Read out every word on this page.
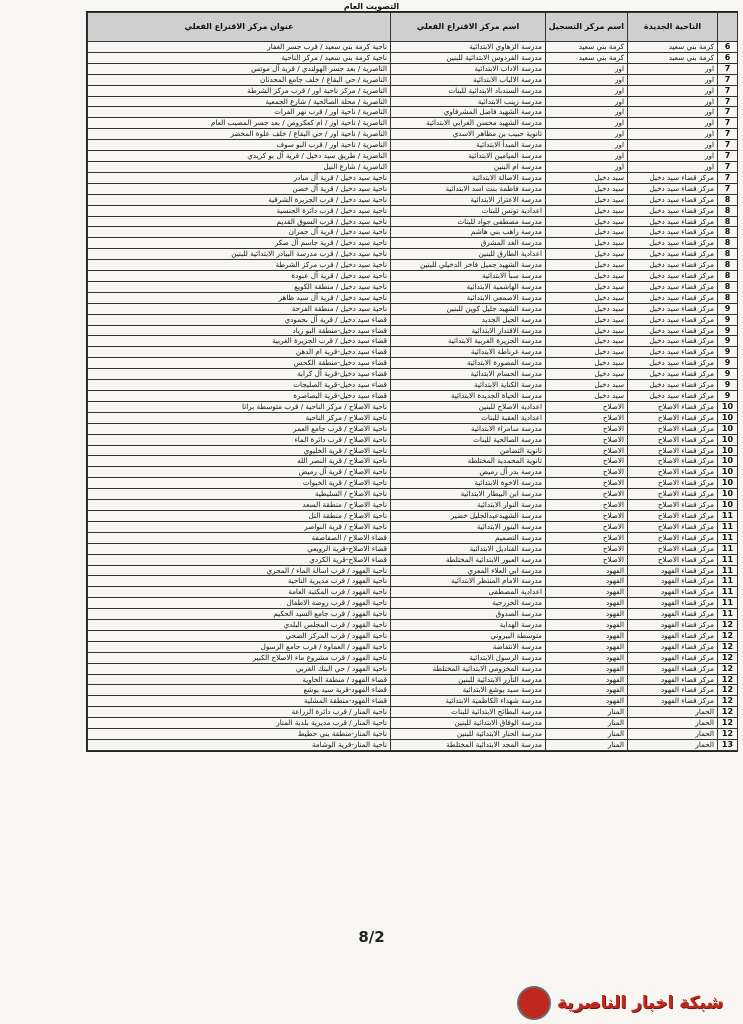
التصويت العام
	الناحية الجديدة	اسم مركز التسجيل	اسم مركز الاقتراع الفعلي	عنوان مركز الاقتراع الفعلي
6	كرمة بني سعيد	كرمة بني سعيد	مدرسة الزهاوي الابتدائية	ناحية كرمة بني سعيد / قرب جسر الغفار
6	كرمة بني سعيد	كرمة بني سعيد	مدرسة الفردوس الابتدائية للبنين	ناحية كرمة بني سعيد / مركز الناحية
7	اور	اور	مدرسة الاداب الابتدائية	الناصرية / بعد جسر الهولندي / قرية آل موتس
7	اور	اور	مدرسة الالباب الابتدائية	الناصرية / حي البقاع / خلف جامع المحدثان
7	اور	اور	مدرسة السندباد الابتدائية للبنات	الناصرية / مركز ناحية اور / قرب مركز الشرطة
7	اور	اور	مدرسة زينب الابتدائية	الناصرية / محلة الصالحية / شارع الجمعية
7	اور	اور	مدرسة الشهيد فاضل المشرفاوي	الناصرية / ناحية اور / قرب نهر الفرات
7	اور	اور	مدرسة الشهيد محسن الغرابي الابتدائية	الناصرية / ناحية اور / ام كعكروص / بعد جسر المصيب العام
7	اور	اور	ثانوية حبيب بن مظاهر الاسدي	الناصرية / ناحية اور / حي البقاع / خلف علوة المخضر
7	اور	اور	مدرسة المبدأ الابتدائية	الناصرية / ناحية اور / قرب البو سوف
7	اور	اور	مدرسة الميامين الابتدائية	الناصرية / طريق سيد دخيل / قرية آل بو كريدي
7	اور	اور	مدرسة ام البنين	الناصرية / شارع النيل
7	مركز قضاء سيد دخيل	سيد دخيل	مدرسة الاصالة الابتدائية	ناحية سيد دخيل / قرية آل مبادر
7	مركز قضاء سيد دخيل	سيد دخيل	مدرسة فاطمة بنت اسد الابتدائية	ناحية سيد دخيل / قرية آل خصن
8	مركز قضاء سيد دخيل	سيد دخيل	مدرسة الاعتزاز الابتدائية	ناحية سيد دخيل / قرب الجزيرة الشرقية
8	مركز قضاء سيد دخيل	سيد دخيل	اعدادية تونس للبنات	ناحية سيد دخيل / قرب دائرة الجنسية
8	مركز قضاء سيد دخيل	سيد دخيل	مدرسة مصطفى جواد للبنات	ناحية سيد دخيل / قرب السوق القديم
8	مركز قضاء سيد دخيل	سيد دخيل	مدرسة راهب بني هاشم	ناحية سيد دخيل / قرية آل حمران
8	مركز قضاء سيد دخيل	سيد دخيل	مدرسة الغد المشرق	ناحية سيد دخيل / قرية جاسم آل صكر
8	مركز قضاء سيد دخيل	سيد دخيل	اعدادية الطارق للبنين	ناحية سيد دخيل / قرب مدرسة البيادر الابتدائية للبنين
8	مركز قضاء سيد دخيل	سيد دخيل	مدرسة الشهيد جميل فاخر الدخيلي للبنين	ناحية سيد دخيل / قرب مركز الشرطة
8	مركز قضاء سيد دخيل	سيد دخيل	مدرسة سبأ الابتدائية	ناحية سيد دخيل / قرية آل عبودة
8	مركز قضاء سيد دخيل	سيد دخيل	مدرسة الهاشمية الابتدائية	ناحية سيد دخيل / منطقة الكويع
8	مركز قضاء سيد دخيل	سيد دخيل	مدرسة الاصمعي الابتدائية	ناحية سيد دخيل / قرية آل سيد ظاهر
9	مركز قضاء سيد دخيل	سيد دخيل	مدرسة الشهيد جليل كوين للبنين	ناحية سيد دخيل / منطقة الفرحة
9	مركز قضاء سيد دخيل	سيد دخيل	مدرسة الجيل الجديد	قضاء سيد دخيل / قرية آل بحمودي
9	مركز قضاء سيد دخيل	سيد دخيل	مدرسة الاقتدار الابتدائية	قضاء سيد دخيل-منطقة البو زياد
9	مركز قضاء سيد دخيل	سيد دخيل	مدرسة الجزيرة الغربية الابتدائية	قضاء سيد دخيل / قرب الجزيرة الغربية
9	مركز قضاء سيد دخيل	سيد دخيل	مدرسة غرناطة الابتدائية	قضاء سيد دخيل-قرية ام الدهن
9	مركز قضاء سيد دخيل	سيد دخيل	مدرسة المصورة الابتدائية	قضاء سيد دخيل-منطقة الكحس
9	مركز قضاء سيد دخيل	سيد دخيل	مدرسة الحسام الابتدائية	قضاء سيد دخيل-قرية آل كرابة
9	مركز قضاء سيد دخيل	سيد دخيل	مدرسة الكناية الابتدائية	قضاء سيد دخيل-قرية الصليجات
9	مركز قضاء سيد دخيل	سيد دخيل	مدرسة الحياة الجديدة الابتدائية	قضاء سيد دخيل-قرية البصاصرة
10	مركز قضاء الاصلاح	الاصلاح	اعدادية الاصلاح للبنين	ناحية الاصلاح / مركز الناحية / قرب متوسطة براثا
10	مركز قضاء الاصلاح	الاصلاح	اعدادية العقبة للبنات	ناحية الاصلاح / مركز الناحية
10	مركز قضاء الاصلاح	الاصلاح	مدرسة سامراء الابتدائية	ناحية الاصلاح / قرب جامع العمر
10	مركز قضاء الاصلاح	الاصلاح	مدرسة الصالحية للبنات	ناحية الاصلاح / قرب دائرة الماء
10	مركز قضاء الاصلاح	الاصلاح	ثانوية التضامن	ناحية الاصلاح / قرية الخليوي
10	مركز قضاء الاصلاح	الاصلاح	ثانوية المحمدية المختلطة	ناحية الاصلاح / قرية النصر الله
10	مركز قضاء الاصلاح	الاصلاح	مدرسة بدر آل رميض	ناحية الاصلاح / قرية آل رميض
10	مركز قضاء الاصلاح	الاصلاح	مدرسة الاخوة الابتدائية	ناحية الاصلاح / قرية الخيوات
10	مركز قضاء الاصلاح	الاصلاح	مدرسة ابن البيطار الابتدائية	ناحية الاصلاح / السليطية
10	مركز قضاء الاصلاح	الاصلاح	مدرسة النوار الابتدائية	ناحية الاصلاح / منطقة السعد
11	مركز قضاء الاصلاح	الاصلاح	مدرسة الشهيدعبدالجليل خضير	ناحية الاصلاح / منطقة التل
11	مركز قضاء الاصلاح	الاصلاح	مدرسة البنور الابتدائية	ناحية الاصلاح / قرية النواصر
11	مركز قضاء الاصلاح	الاصلاح	مدرسة التصميم	قضاء الاصلاح / الصفاصفة
11	مركز قضاء الاصلاح	الاصلاح	مدرسة القناديل الابتدائية	قضاء الاصلاح-قرية الرويعي
11	مركز قضاء الاصلاح	الاصلاح	مدرسة العبور الابتدائية المختلطة	قضاء الاصلاح-قرية الكردي
11	مركز قضاء الفهود	الفهود	مدرسة ابي العلاء المعري	ناحية الفهود / قرب اسالة الماء / المجري
11	مركز قضاء الفهود	الفهود	مدرسة الامام المنتظر الابتدائية	ناحية الفهود / قرب مديرية الناحية
11	مركز قضاء الفهود	الفهود	اعدادية المصطفى	ناحية الفهود / قرب المكتبة العامة
11	مركز قضاء الفهود	الفهود	مدرسة الخزرجية	ناحية الفهود / قرب روضة الاطفال
11	مركز قضاء الفهود	الفهود	مدرسة الصدوق	ناحية الفهود / قرب جامع السيد الحكيم
12	مركز قضاء الفهود	الفهود	مدرسة الهداية	ناحية الفهود / قرب المجلس البلدي
12	مركز قضاء الفهود	الفهود	متوسطة البيروني	ناحية الفهود / قرب المركز الصحي
12	مركز قضاء الفهود	الفهود	مدرسة الانتفاضة	ناحية الفهود / العماوة / قرب جامع الرسول
12	مركز قضاء الفهود	الفهود	مدرسة الرسول الابتدائية	ناحية الفهود / قرب مشروع ماء الاصلاح الكبير
12	مركز قضاء الفهود	الفهود	مدرسة المخزومي الابتدائية المختلطة	ناحية الفهود / حي البنك الغربي
12	مركز قضاء الفهود	الفهود	مدرسة التآزر الابتدائية للبنين	قضاء الفهود / منطقة الخاوية
12	مركز قضاء الفهود	الفهود	مدرسة سيد يوشع الابتدائية	قضاء الفهود-قرية سيد يوشع
12	مركز قضاء الفهود	الفهود	مدرسة شهداء الكاظمية الابتدائية	قضاء الفهود-منطقة المشلية
12	الحمار	المنار	مدرسة البطائح الابتدائية للبنات	ناحية المنار / قرب دائرة الزراعة
12	الحمار	المنار	مدرسة الوفاق الابتدائية للبنين	ناحية المنار / قرب مديرية بلدية المنار
12	الحمار	المنار	مدرسة الحنار الابتدائية للبنين	ناحية المنار-منطقة بني حطيط
13	الحمار	المنار	مدرسة المجد الابتدائية المختلطة	ناحية المنار-قرية الوشامة
8/2
شبكة اخبار الناصرية
